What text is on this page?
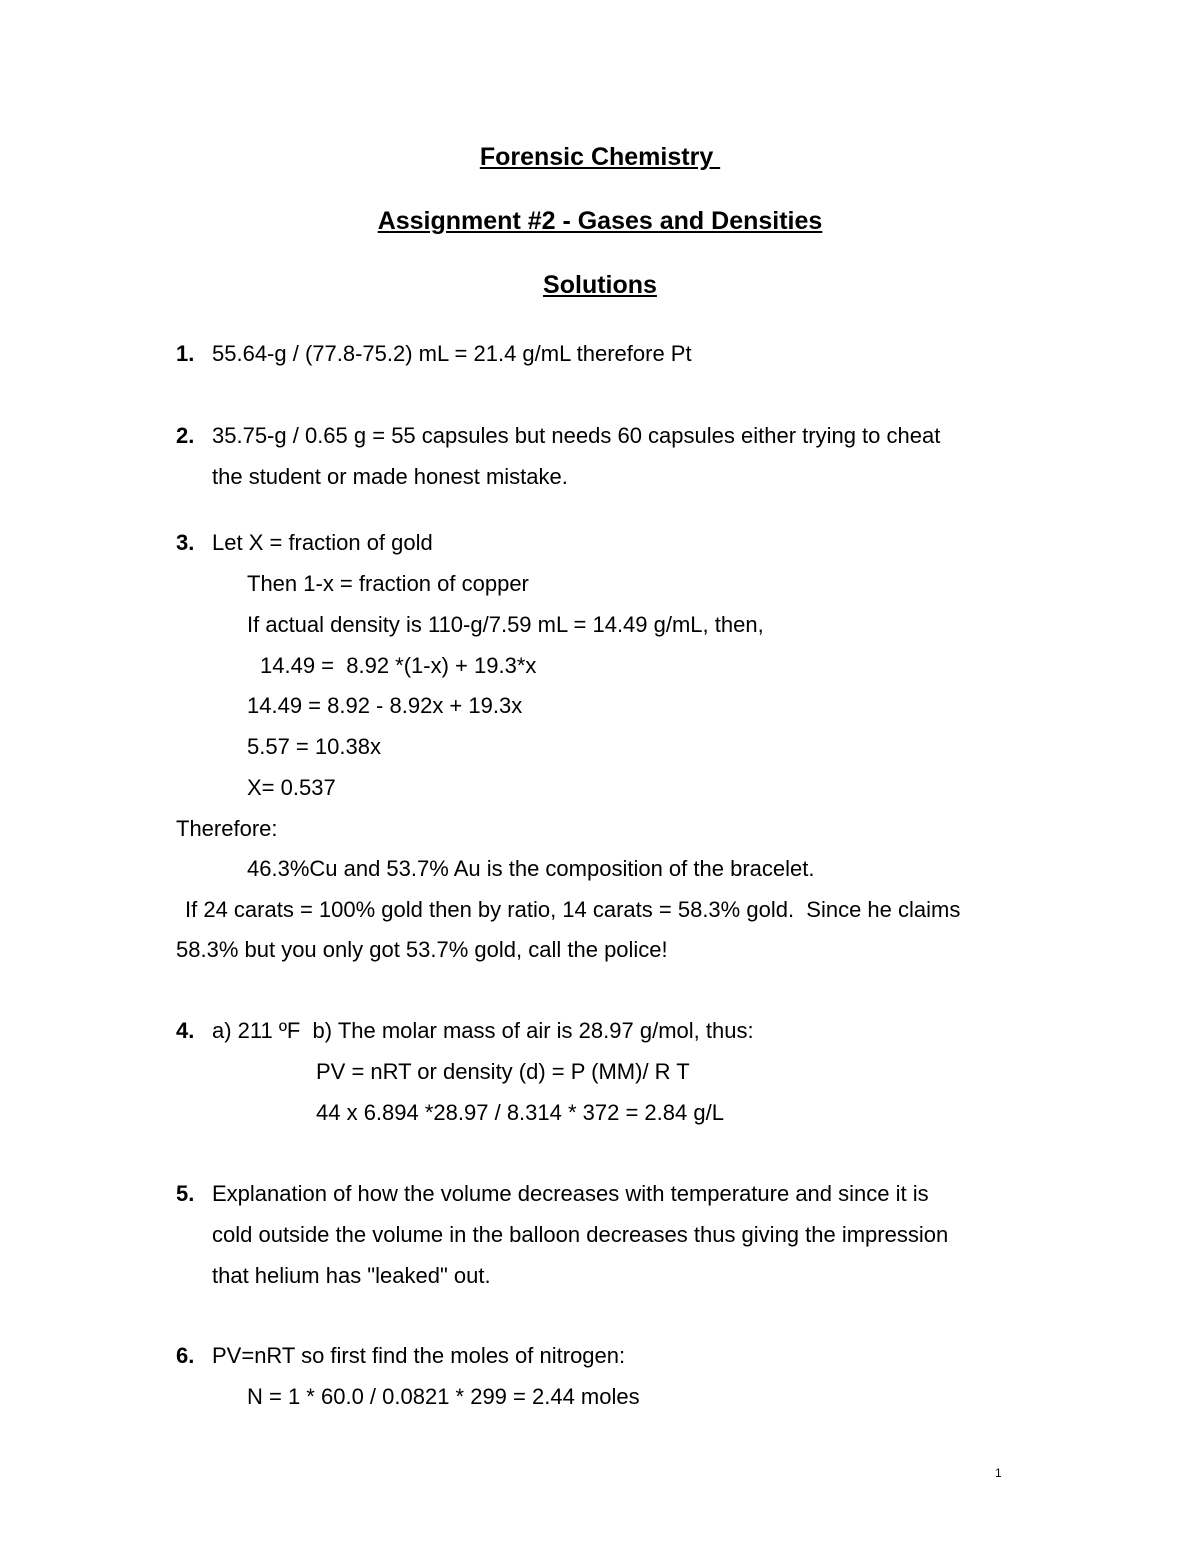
Forensic Chemistry
Assignment #2 - Gases and Densities
Solutions
1. 55.64-g / (77.8-75.2) mL = 21.4 g/mL therefore Pt
2. 35.75-g / 0.65 g = 55 capsules but needs 60 capsules either trying to cheat
the student or made honest mistake.
3. Let X = fraction of gold
Then 1-x = fraction of copper
If actual density is 110-g/7.59 mL = 14.49 g/mL, then,
14.49 =  8.92 *(1-x) + 19.3*x
14.49 = 8.92 - 8.92x + 19.3x
5.57 = 10.38x
X= 0.537
Therefore:
46.3%Cu and 53.7% Au is the composition of the bracelet.
If 24 carats = 100% gold then by ratio, 14 carats = 58.3% gold.  Since he claims
58.3% but you only got 53.7% gold, call the police!
4. a) 211 ºF  b) The molar mass of air is 28.97 g/mol, thus:
PV = nRT or density (d) = P (MM)/ R T
44 x 6.894 *28.97 / 8.314 * 372 = 2.84 g/L
5. Explanation of how the volume decreases with temperature and since it is
cold outside the volume in the balloon decreases thus giving the impression
that helium has "leaked" out.
6. PV=nRT so first find the moles of nitrogen:
N = 1 * 60.0 / 0.0821 * 299 = 2.44 moles
1
